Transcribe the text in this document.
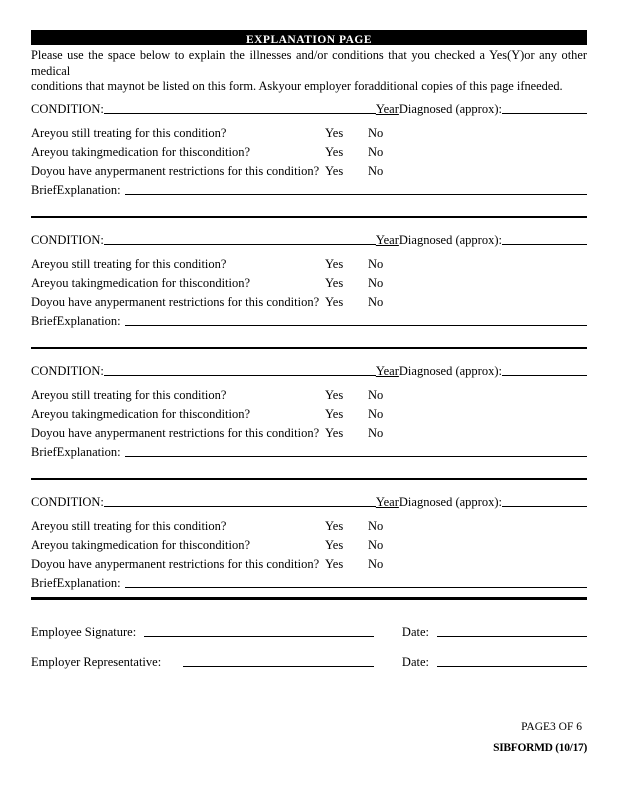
EXPLANATION PAGE
Please use the space below to explain the illnesses and/or conditions that you checked a Yes(Y)or any other medical
conditions that maynot be listed on this form. Askyour employer foradditional copies of this page ifneeded.
CONDITION:	Year Diagnosed (approx):
Areyou still treating for this condition?	Yes	No
Areyou takingmedication for thiscondition?	Yes	No
Doyou have anypermanent restrictions for this condition? Yes	No
BriefExplanation:
CONDITION:	Year Diagnosed (approx):
Areyou still treating for this condition?	Yes	No
Areyou takingmedication for thiscondition?	Yes	No
Doyou have anypermanent restrictions for this condition? Yes	No
BriefExplanation:
CONDITION:	Year Diagnosed (approx):
Areyou still treating for this condition?	Yes	No
Areyou takingmedication for thiscondition?	Yes	No
Doyou have anypermanent restrictions for this condition? Yes	No
BriefExplanation:
CONDITION:	Year Diagnosed (approx):
Areyou still treating for this condition?	Yes	No
Areyou takingmedication for thiscondition?	Yes	No
Doyou have anypermanent restrictions for this condition? Yes	No
BriefExplanation:
Employee Signature:	Date:
Employer Representative:	Date:
PAGE3 OF 6
SIBFORMD (10/17)
